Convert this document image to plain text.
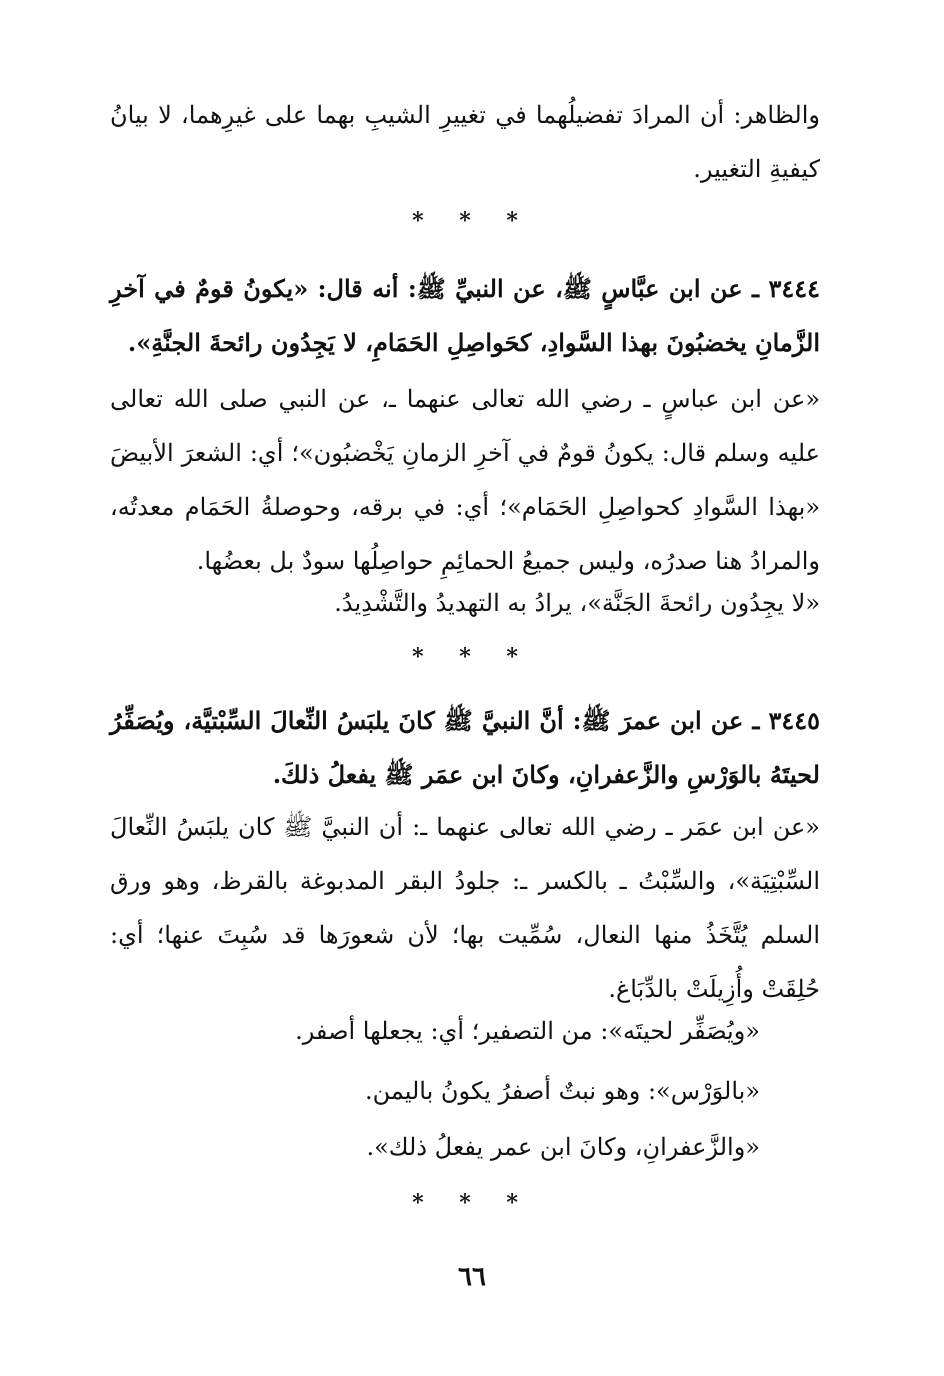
والظاهر: أن المرادَ تفضيلُهما في تغييرِ الشيبِ بهما على غيرِهما، لا بيانُ كيفيةِ التغيير.
* * *
٣٤٤٤ ـ عن ابن عبَّاسٍ ﷺ، عن النبيِّ ﷺ: أنه قال: «يكونُ قومٌ في آخرِ الزَّمانِ يخضبُونَ بهذا السَّوادِ، كحَواصِلِ الحَمَامِ، لا يَجِدُون رائحةَ الجنَّةِ».
«عن ابن عباسٍ ـ رضي الله تعالى عنهما ـ، عن النبي صلى الله تعالى عليه وسلم قال: يكونُ قومٌ في آخرِ الزمانِ يَخْضبُون»؛ أي: الشعرَ الأبيضَ «بهذا السَّوادِ كحواصِلِ الحَمَام»؛ أي: في برقه، وحوصلةُ الحَمَام معدتُه، والمرادُ هنا صدرُه، وليس جميعُ الحمائِمِ حواصِلُها سودٌ بل بعضُها.
«لا يجِدُون رائحةَ الجَنَّة»، يرادُ به التهديدُ والتَّشْدِيدُ.
* * *
٣٤٤٥ ـ عن ابن عمرَ ﷺ: أنَّ النبيَّ ﷺ كانَ يلبَسُ النِّعالَ السِّبْتيَّة، ويُصَفِّرُ لحيتَهُ بالوَرْسِ والزَّعفرانِ، وكانَ ابن عمَر ﷺ يفعلُ ذلكَ.
«عن ابن عمَر ـ رضي الله تعالى عنهما ـ: أن النبيَّ ﷺ كان يلبَسُ النِّعالَ السِّبْتِيَة»، والسِّبْتُ ـ بالكسر ـ: جلودُ البقر المدبوغة بالقرظ، وهو ورق السلم يُتَّخَذُ منها النعال، سُمِّيت بها؛ لأن شعورَها قد سُبِتَ عنها؛ أي: حُلِقَتْ وأُزِيلَتْ بالدِّبَاغ.
«ويُصَفِّر لحيتَه»: من التصفير؛ أي: يجعلها أصفر.
«بالوَرْس»: وهو نبتٌ أصفرُ يكونُ باليمن.
«والزَّعفرانِ، وكانَ ابن عمر يفعلُ ذلك».
* * *
٦٦
